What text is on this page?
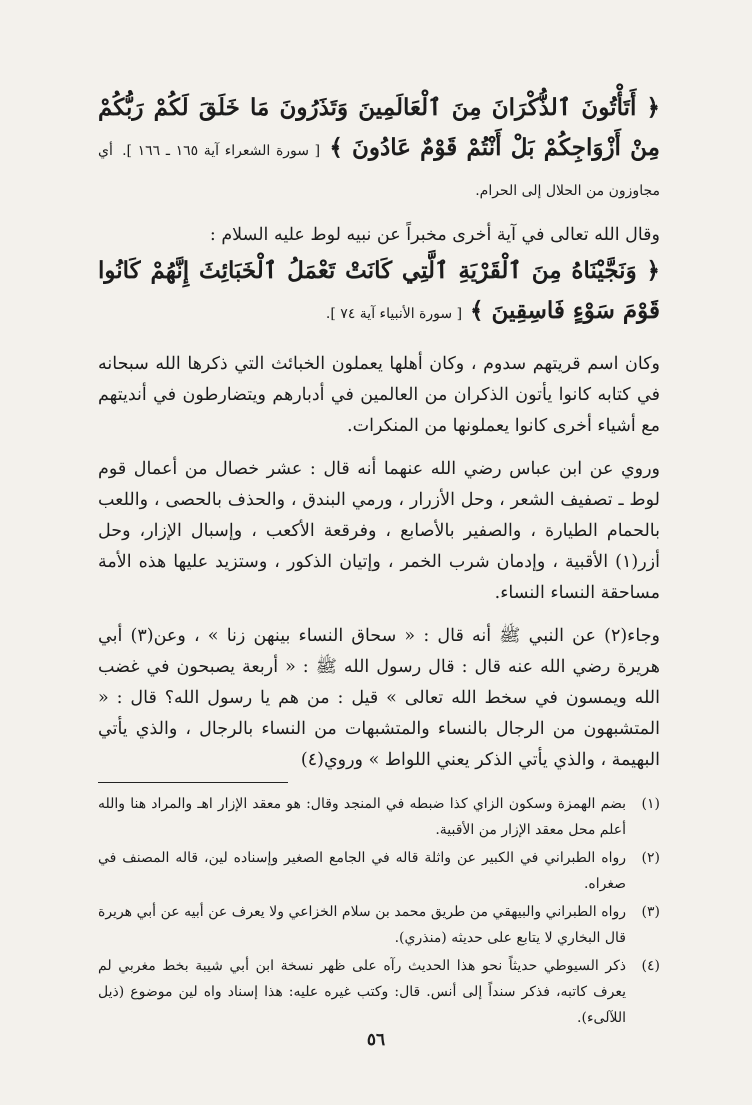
﴿ أَتَأْتُونَ ٱلذُّكْرَانَ مِنَ ٱلْعَالَمِينَ وَتَذَرُونَ مَا خَلَقَ لَكُمْ رَبُّكُمْ مِنْ أَزْوَاجِكُمْ بَلْ أَنْتُمْ قَوْمٌ عَادُونَ ﴾ [ سورة الشعراء آية ١٦٥ ـ ١٦٦ ]. أي مجاوزون من الحلال إلى الحرام.

وقال الله تعالى في آية أخرى مخبراً عن نبيه لوط عليه السلام :

﴿ وَنَجَّيْنَاهُ مِنَ ٱلْقَرْيَةِ ٱلَّتِي كَانَتْ تَعْمَلُ ٱلْخَبَائِثَ إِنَّهُمْ كَانُوا قَوْمَ سَوْءٍ فَاسِقِينَ ﴾ [ سورة الأنبياء آية ٧٤ ].

وكان اسم قريتهم سدوم ، وكان أهلها يعملون الخبائث التي ذكرها الله سبحانه في كتابه كانوا يأتون الذكران من العالمين في أدبارهم ويتضارطون في أنديتهم مع أشياء أخرى كانوا يعملونها من المنكرات.

وروي عن ابن عباس رضي الله عنهما أنه قال : عشر خصال من أعمال قوم لوط ـ تصفيف الشعر ، وحل الأزرار ، ورمي البندق ، والحذف بالحصى ، واللعب بالحمام الطيارة ، والصفير بالأصابع ، وفرقعة الأكعب ، وإسبال الإزار، وحل أزر(١) الأقبية ، وإدمان شرب الخمر ، وإتيان الذكور ، وستزيد عليها هذه الأمة مساحقة النساء النساء.

وجاء(٢) عن النبي ﷺ أنه قال : « سحاق النساء بينهن زنا » ، وعن(٣) أبي هريرة رضي الله عنه قال : قال رسول الله ﷺ : « أربعة يصبحون في غضب الله ويمسون في سخط الله تعالى » قيل : من هم يا رسول الله؟ قال : « المتشبهون من الرجال بالنساء والمتشبهات من النساء بالرجال ، والذي يأتي البهيمة ، والذي يأتي الذكر يعني اللواط » وروي(٤)

(١)
بضم الهمزة وسكون الزاي كذا ضبطه في المنجد وقال: هو معقد الإزار اهـ والمراد هنا والله أعلم محل معقد الإزار من الأقبية.
(٢)
رواه الطبراني في الكبير عن واثلة قاله في الجامع الصغير وإسناده لين، قاله المصنف في صغراه.
(٣)
رواه الطبراني والبيهقي من طريق محمد بن سلام الخزاعي ولا يعرف عن أبيه عن أبي هريرة قال البخاري لا يتابع على حديثه (منذري).
(٤)
ذكر السيوطي حديثاً نحو هذا الحديث رآه على ظهر نسخة ابن أبي شيبة بخط مغربي لم يعرف كاتبه، فذكر سنداً إلى أنس. قال: وكتب غيره عليه: هذا إسناد واه لين موضوع (ذيل اللآلىء).
٥٦
